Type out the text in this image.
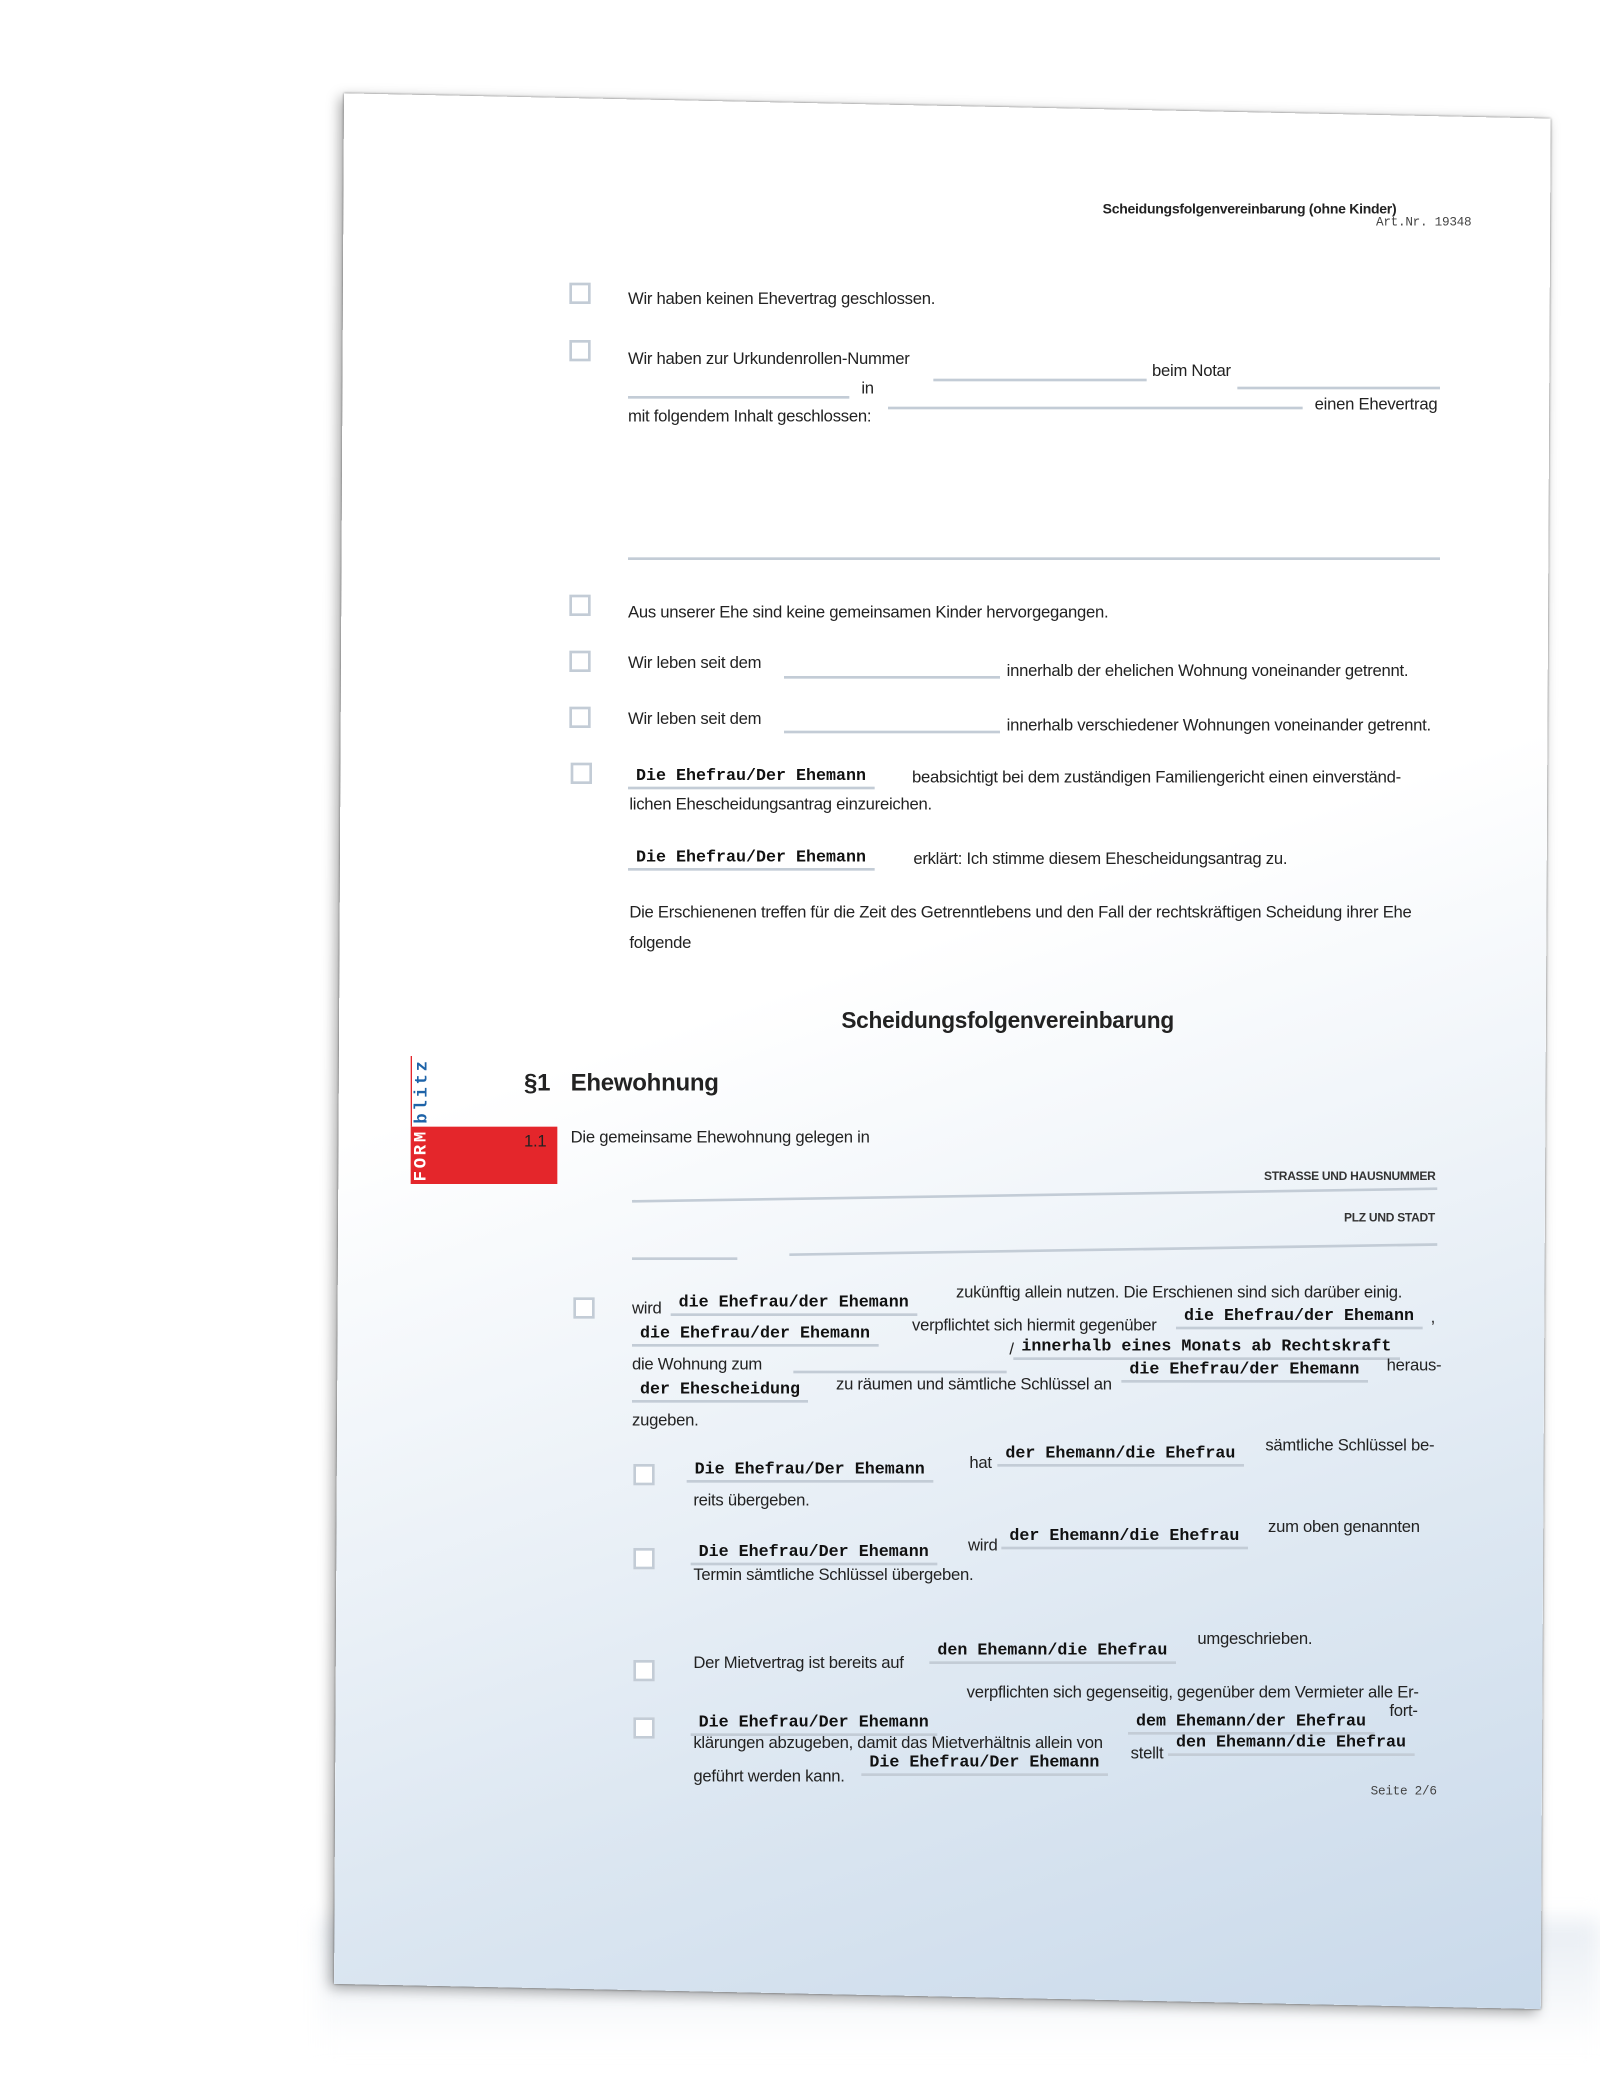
FORM
blitz
Scheidungsfolgenvereinbarung (ohne Kinder)
Art.Nr. 19348
Wir haben keinen Ehevertrag geschlossen.
Wir haben zur Urkundenrollen-Nummer
beim Notar
in
einen Ehevertrag
mit folgendem Inhalt geschlossen:
Aus unserer Ehe sind keine gemeinsamen Kinder hervorgegangen.
Wir leben seit dem	innerhalb der ehelichen Wohnung voneinander getrennt.
Wir leben seit dem	innerhalb verschiedener Wohnungen voneinander getrennt.
Die Ehefrau/Der Ehemann	beabsichtigt bei dem zuständigen Familiengericht einen einverständ-
lichen Ehescheidungsantrag einzureichen.
Die Ehefrau/Der Ehemann	erklärt: Ich stimme diesem Ehescheidungsantrag zu.
Die Erschienenen treffen für die Zeit des Getrenntlebens und den Fall der rechtskräftigen Scheidung ihrer Ehe
folgende
Scheidungsfolgenvereinbarung
§1 Ehewohnung
1.1 Die gemeinsame Ehewohnung gelegen in
STRASSE UND HAUSNUMMER
PLZ UND STADT
wird	die Ehefrau/der Ehemann
zukünftig allein nutzen. Die Erschienen sind sich darüber einig.
die Ehefrau/der Ehemann	verpflichtet sich hiermit gegenüber	die Ehefrau/der Ehemann	,
die Wohnung zum
/ innerhalb eines Monats ab Rechtskraft
der Ehescheidung	zu räumen und sämtliche Schlüssel an
die Ehefrau/der Ehemann	heraus-
zugeben.
Die Ehefrau/Der Ehemann	hat	der Ehemann/die Ehefrau	sämtliche Schlüssel be-
reits übergeben.
Die Ehefrau/Der Ehemann	wird
der Ehemann/die Ehefrau	zum oben genannten
Termin sämtliche Schlüssel übergeben.
Der Mietvertrag ist bereits auf
den Ehemann/die Ehefrau
umgeschrieben.
Die Ehefrau/Der Ehemann
verpflichten sich gegenseitig, gegenüber dem Vermieter alle Er-
klärungen abzugeben, damit das Mietverhältnis allein von
dem Ehemann/der Ehefrau
fort-
geführt werden kann.
Die Ehefrau/Der Ehemann	stellt
den Ehemann/die Ehefrau
Seite 2/6
